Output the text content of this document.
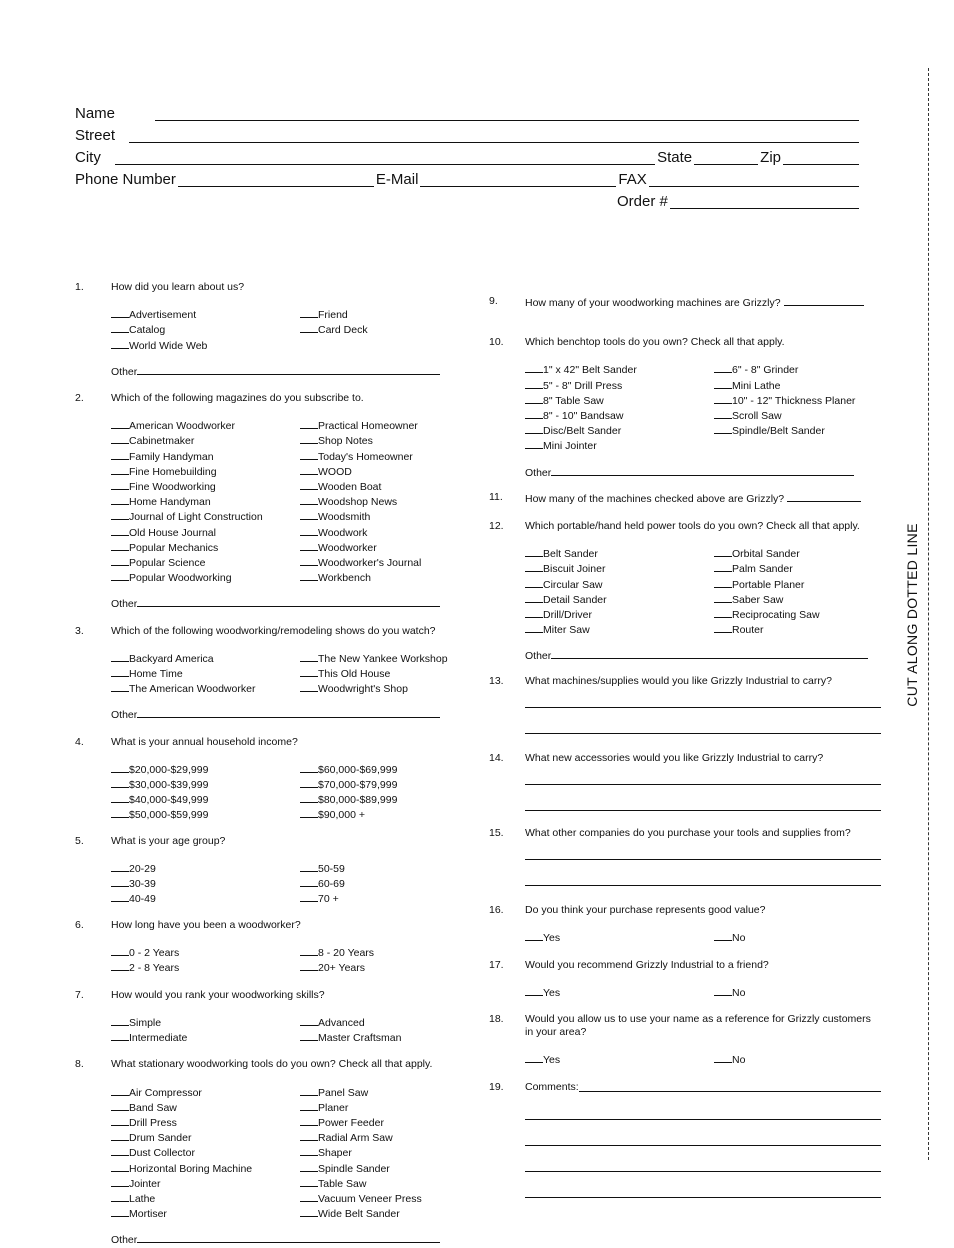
Name
Street
City	State	Zip
Phone Number	E-Mail	FAX
Order #
1.	How did you learn about us?
Advertisement	Friend
Catalog	Card Deck
World Wide Web
Other
2.	Which of the following magazines do you subscribe to.
American Woodworker	Practical Homeowner
Cabinetmaker	Shop Notes
Family Handyman	Today's Homeowner
Fine Homebuilding	WOOD
Fine Woodworking	Wooden Boat
Home Handyman	Woodshop News
Journal of Light Construction	Woodsmith
Old House Journal	Woodwork
Popular Mechanics	Woodworker
Popular Science	Woodworker's Journal
Popular Woodworking	Workbench
Other
3.	Which of the following woodworking/remodeling shows do you watch?
Backyard America	The New Yankee Workshop
Home Time	This Old House
The American Woodworker	Woodwright's Shop
Other
4.	What is your annual household income?
$20,000-$29,999	$60,000-$69,999
$30,000-$39,999	$70,000-$79,999
$40,000-$49,999	$80,000-$89,999
$50,000-$59,999	$90,000 +
5.	What is your age group?
20-29	50-59
30-39	60-69
40-49	70 +
6.	How long have you been a woodworker?
0 - 2 Years	8 - 20 Years
2 - 8 Years	20+ Years
7.	How would you rank your woodworking skills?
Simple	Advanced
Intermediate	Master Craftsman
8.	What stationary woodworking tools do you own? Check all that apply.
Air Compressor	Panel Saw
Band Saw	Planer
Drill Press	Power Feeder
Drum Sander	Radial Arm Saw
Dust Collector	Shaper
Horizontal Boring Machine	Spindle Sander
Jointer	Table Saw
Lathe	Vacuum Veneer Press
Mortiser	Wide Belt Sander
Other
9.	How many of your woodworking machines are Grizzly?
10. Which benchtop tools do you own? Check all that apply.
1" x 42" Belt Sander	6" - 8" Grinder
5" - 8" Drill Press	Mini Lathe
8" Table Saw	10" - 12" Thickness Planer
8" - 10" Bandsaw	Scroll Saw
Disc/Belt Sander	Spindle/Belt Sander
Mini Jointer
Other
11. How many of the machines checked above are Grizzly?
12. Which portable/hand held power tools do you own? Check all that apply.
Belt Sander	Orbital Sander
Biscuit Joiner	Palm Sander
Circular Saw	Portable Planer
Detail Sander	Saber Saw
Drill/Driver	Reciprocating Saw
Miter Saw	Router
Other
13. What machines/supplies would you like Grizzly Industrial to carry?
14. What new accessories would you like Grizzly Industrial to carry?
15. What other companies do you purchase your tools and supplies from?
16. Do you think your purchase represents good value?
Yes	No
17. Would you recommend Grizzly Industrial to a friend?
Yes	No
18. Would you allow us to use your name as a reference for Grizzly customers in your area?
Yes	No
19. Comments:
CUT ALONG DOTTED LINE
